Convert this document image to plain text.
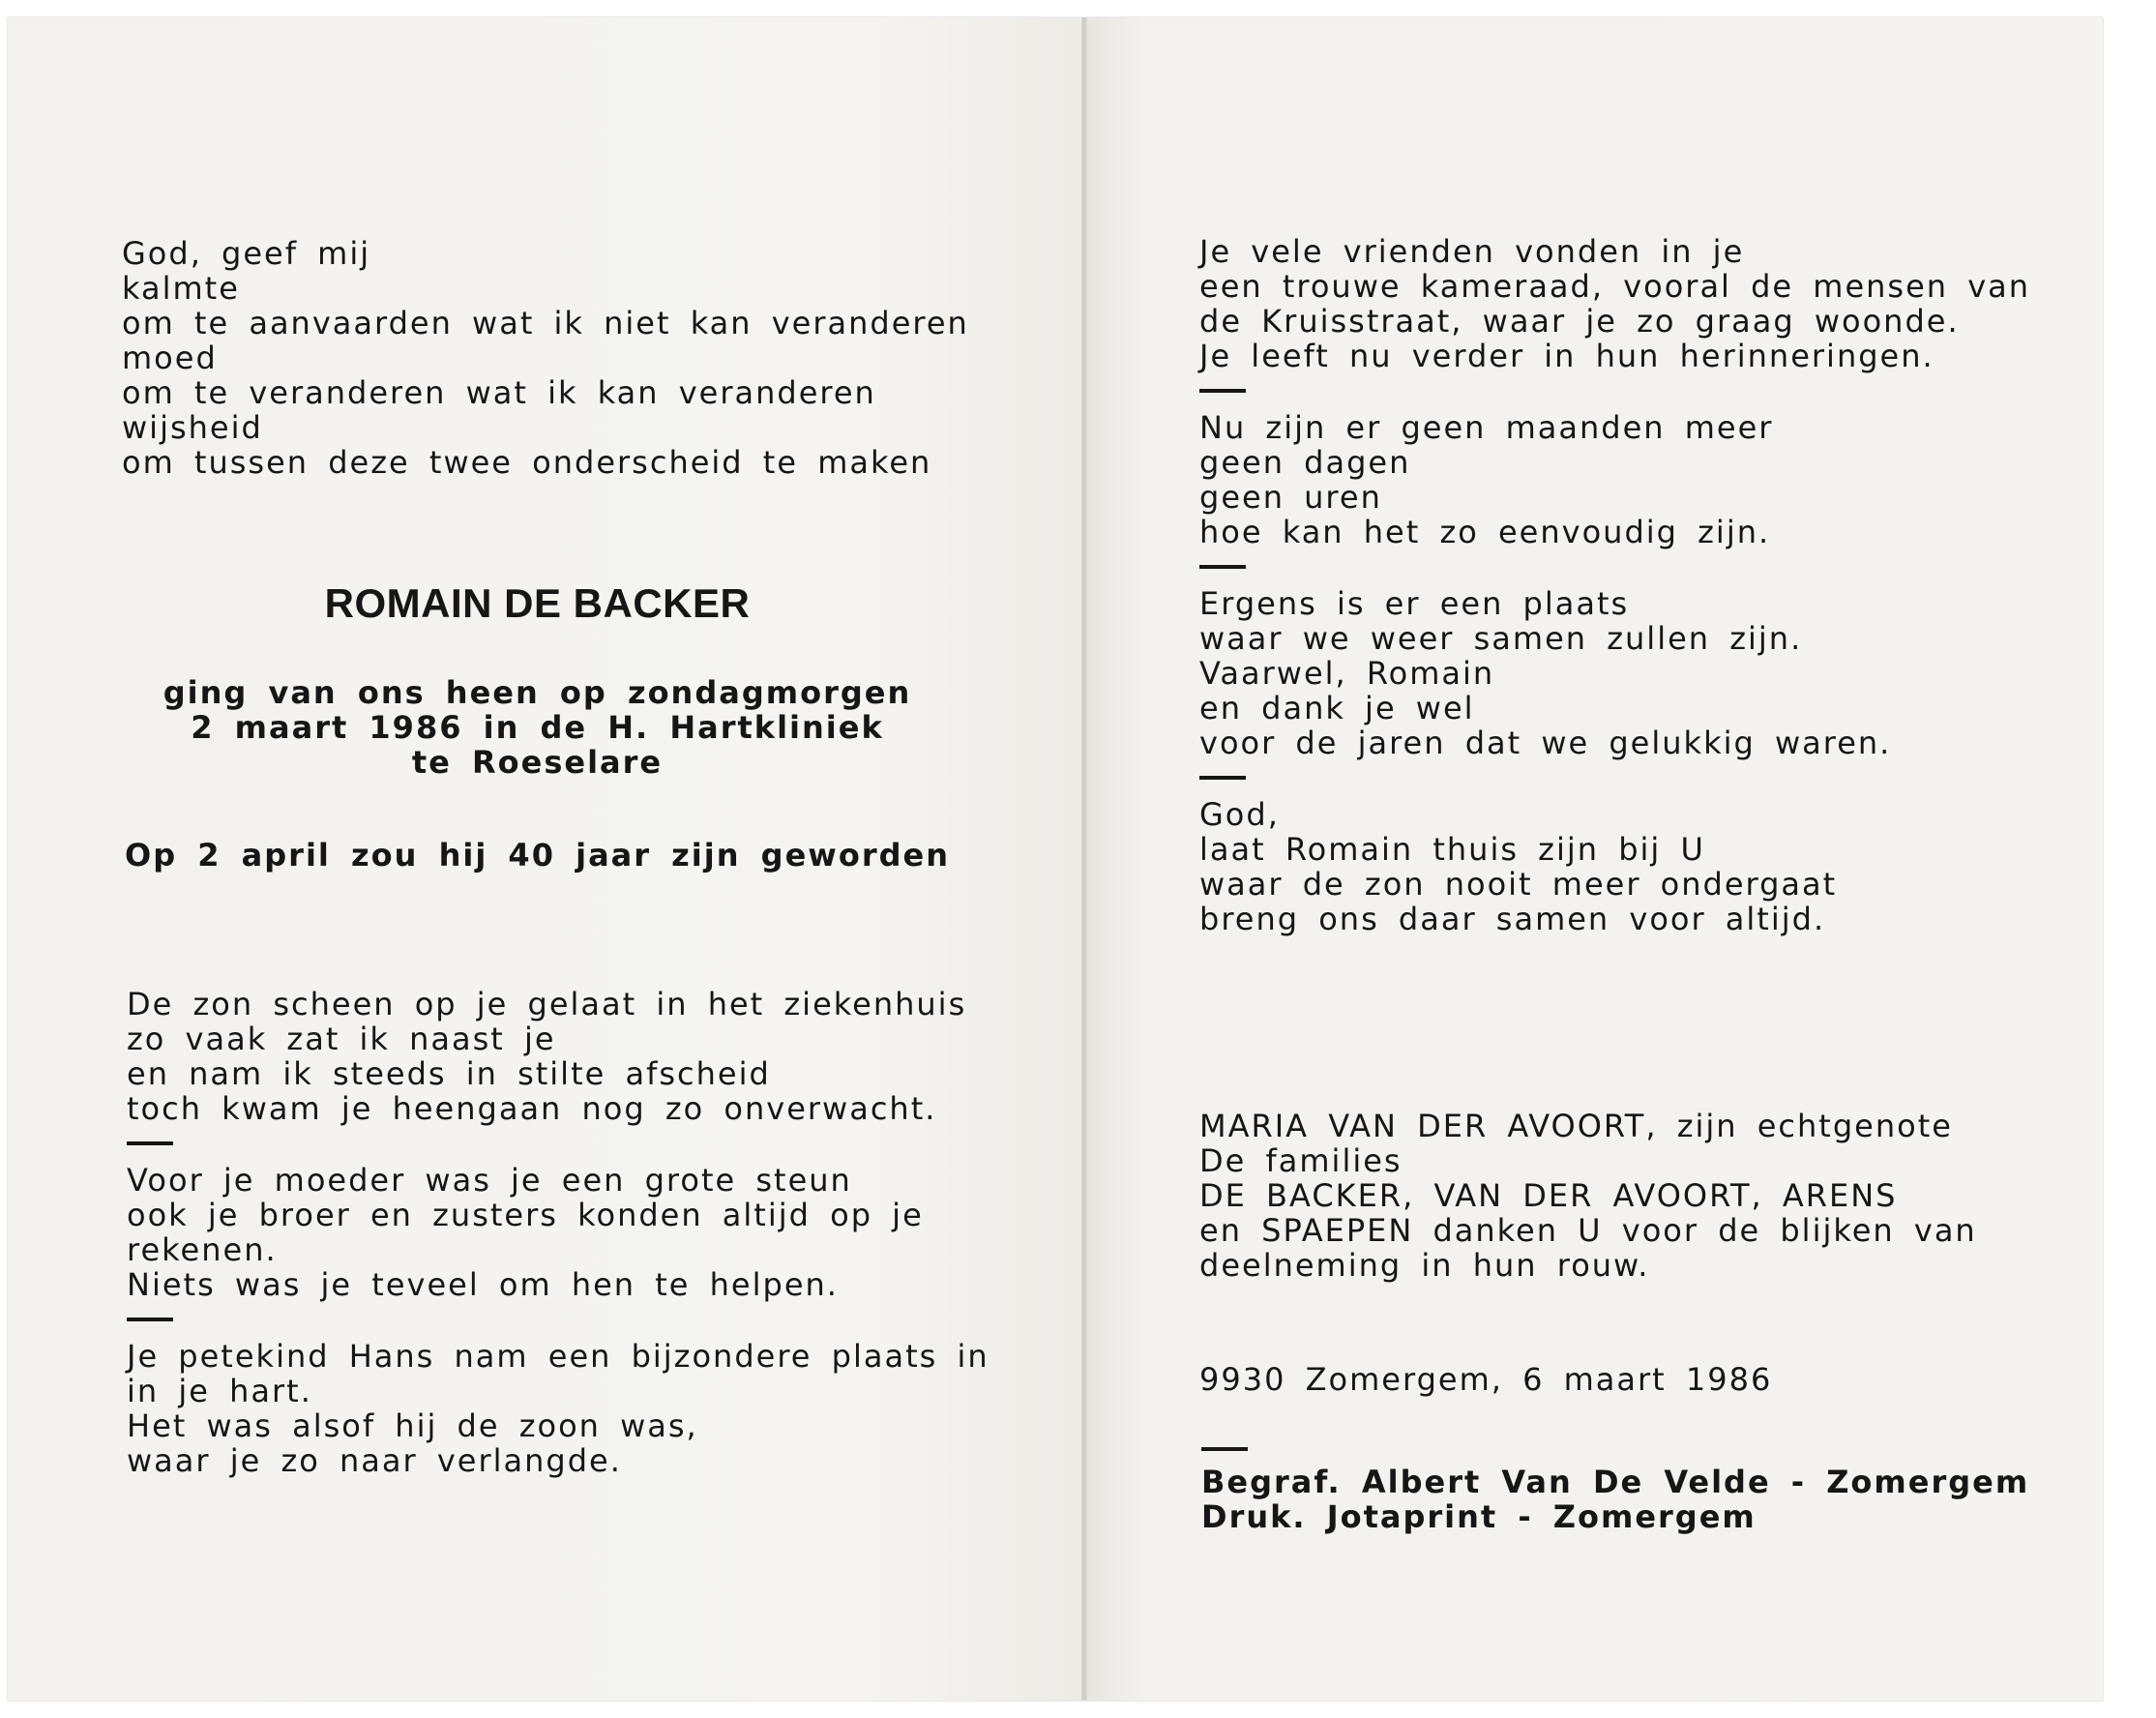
God, geef mij
kalmte
om te aanvaarden wat ik niet kan veranderen
moed
om te veranderen wat ik kan veranderen
wijsheid
om tussen deze twee onderscheid te maken
ROMAIN DE BACKER
ging van ons heen op zondagmorgen
2 maart 1986 in de H. Hartkliniek
te Roeselare
Op 2 april zou hij 40 jaar zijn geworden
De zon scheen op je gelaat in het ziekenhuis
zo vaak zat ik naast je
en nam ik steeds in stilte afscheid
toch kwam je heengaan nog zo onverwacht.
Voor je moeder was je een grote steun
ook je broer en zusters konden altijd op je
rekenen.
Niets was je teveel om hen te helpen.
Je petekind Hans nam een bijzondere plaats in
in je hart.
Het was alsof hij de zoon was,
waar je zo naar verlangde.
Je vele vrienden vonden in je
een trouwe kameraad, vooral de mensen van
de Kruisstraat, waar je zo graag woonde.
Je leeft nu verder in hun herinneringen.
Nu zijn er geen maanden meer
geen dagen
geen uren
hoe kan het zo eenvoudig zijn.
Ergens is er een plaats
waar we weer samen zullen zijn.
Vaarwel, Romain
en dank je wel
voor de jaren dat we gelukkig waren.
God,
laat Romain thuis zijn bij U
waar de zon nooit meer ondergaat
breng ons daar samen voor altijd.
MARIA VAN DER AVOORT, zijn echtgenote
De families
DE BACKER, VAN DER AVOORT, ARENS
en SPAEPEN danken U voor de blijken van
deelneming in hun rouw.
9930 Zomergem, 6 maart 1986
Begraf. Albert Van De Velde - Zomergem
Druk. Jotaprint - Zomergem
